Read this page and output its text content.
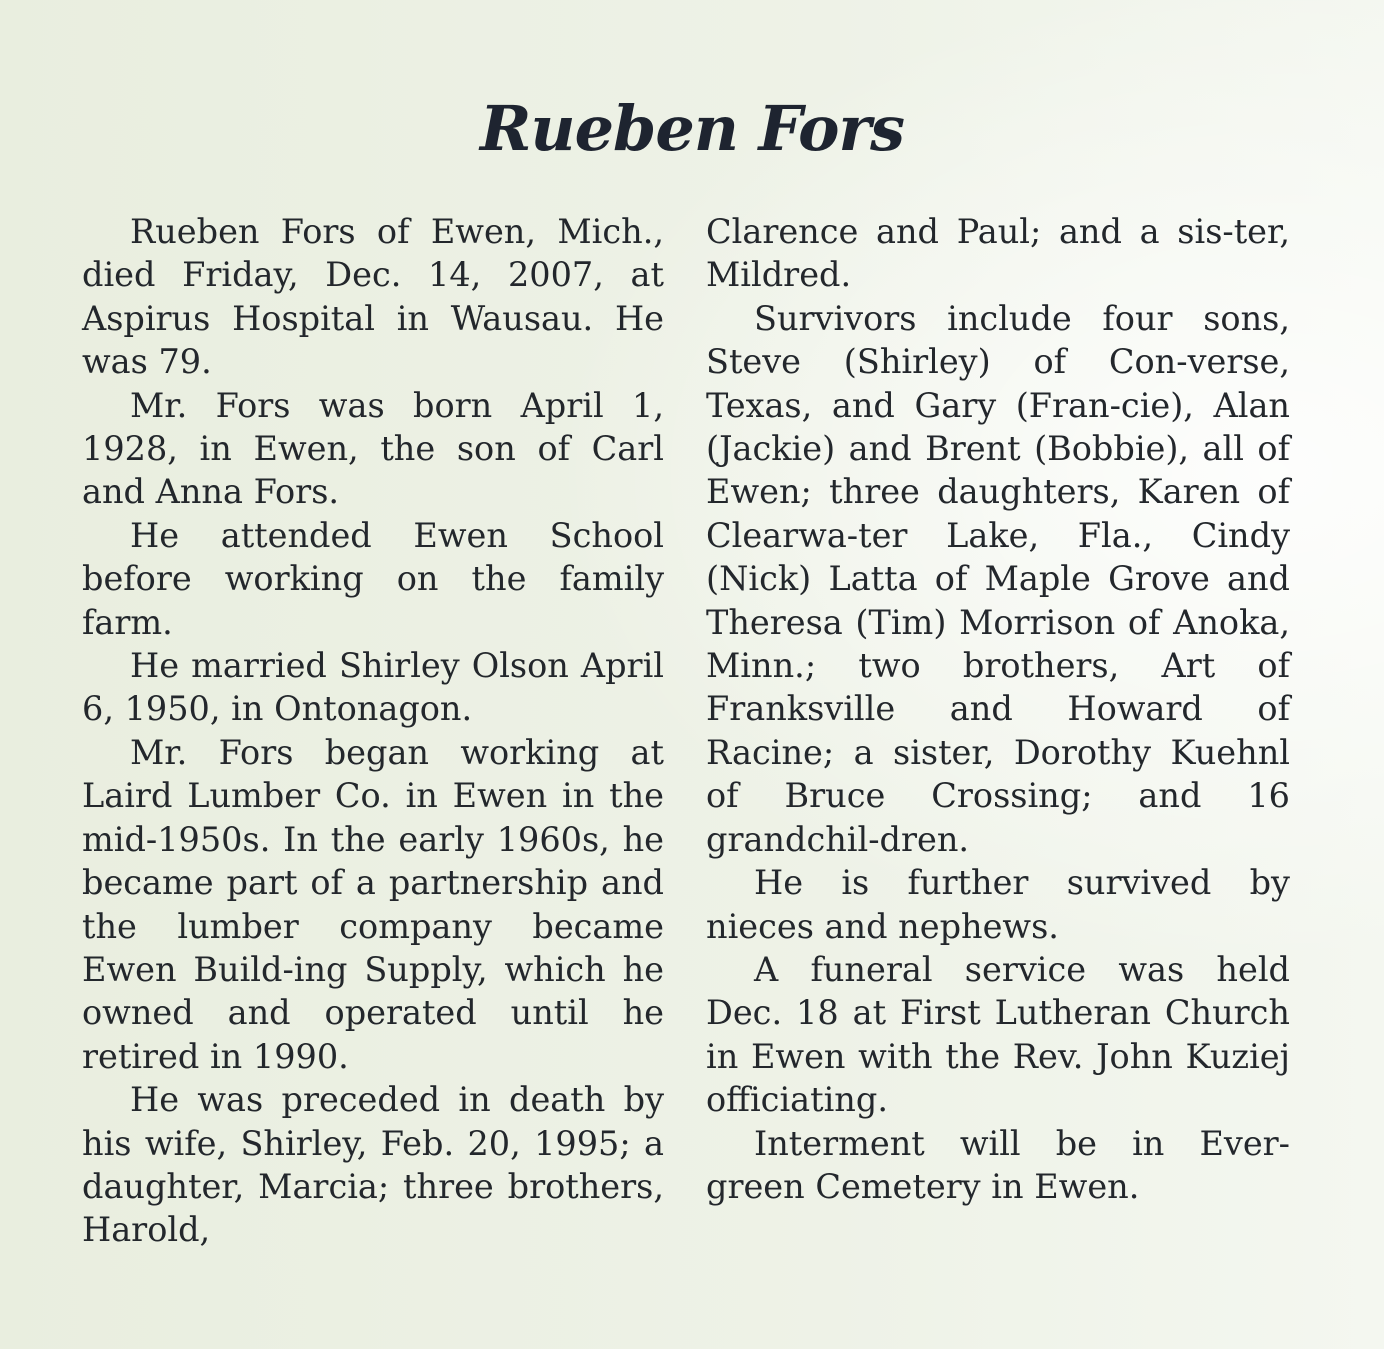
Rueben Fors

Rueben Fors of Ewen, Mich., died Friday, Dec. 14, 2007, at Aspirus Hospital in Wausau. He was 79.

Mr. Fors was born April 1, 1928, in Ewen, the son of Carl and Anna Fors.

He attended Ewen School before working on the family farm.

He married Shirley Olson April 6, 1950, in Ontonagon.

Mr. Fors began working at Laird Lumber Co. in Ewen in the mid-1950s. In the early 1960s, he became part of a partnership and the lumber company became Ewen Build-ing Supply, which he owned and operated until he retired in 1990.

He was preceded in death by his wife, Shirley, Feb. 20, 1995; a daughter, Marcia; three brothers, Harold,

Clarence and Paul; and a sis-ter, Mildred.

Survivors include four sons, Steve (Shirley) of Con-verse, Texas, and Gary (Fran-cie), Alan (Jackie) and Brent (Bobbie), all of Ewen; three daughters, Karen of Clearwa-ter Lake, Fla., Cindy (Nick) Latta of Maple Grove and Theresa (Tim) Morrison of Anoka, Minn.; two brothers, Art of Franksville and Howard of Racine; a sister, Dorothy Kuehnl of Bruce Crossing; and 16 grandchil-dren.

He is further survived by nieces and nephews.

A funeral service was held Dec. 18 at First Lutheran Church in Ewen with the Rev. John Kuziej officiating.

Interment will be in Ever-green Cemetery in Ewen.
